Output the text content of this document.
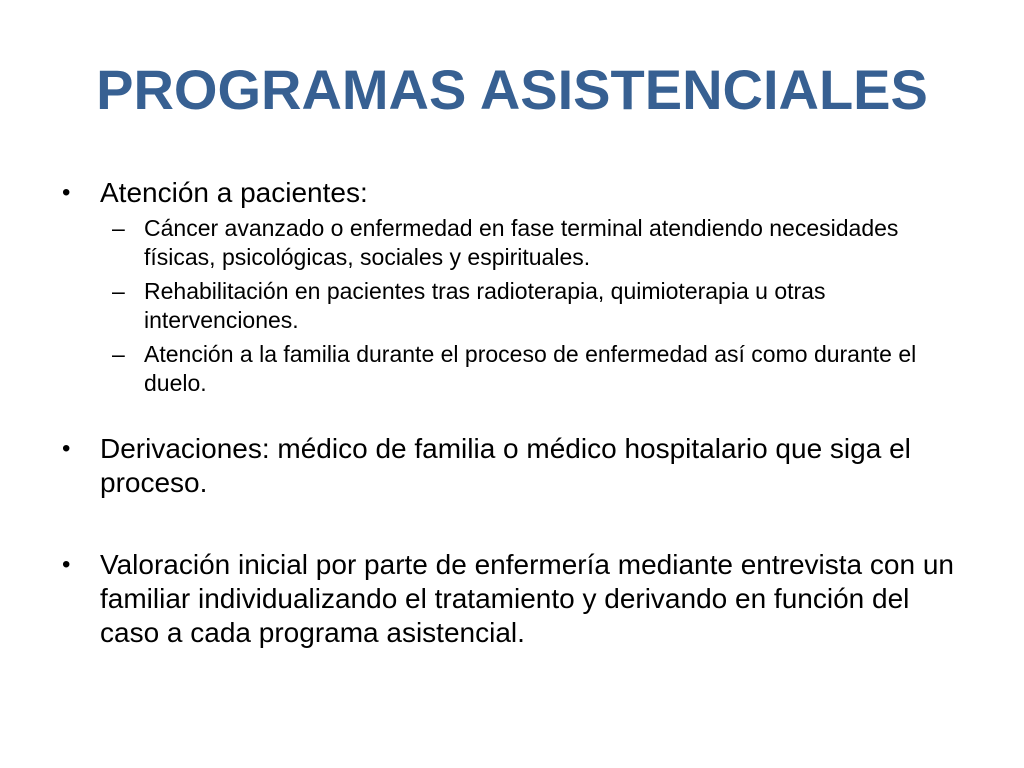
PROGRAMAS ASISTENCIALES
•	Atención a pacientes:
– Cáncer avanzado o enfermedad en fase terminal atendiendo necesidades físicas, psicológicas, sociales y espirituales.
– Rehabilitación en pacientes tras radioterapia, quimioterapia u otras intervenciones.
– Atención a la familia durante el proceso de enfermedad así como durante el duelo.
•	Derivaciones: médico de familia o médico hospitalario que siga el proceso.
•	Valoración inicial por parte de enfermería mediante entrevista con un familiar individualizando el tratamiento y derivando en función del caso a cada programa asistencial.
